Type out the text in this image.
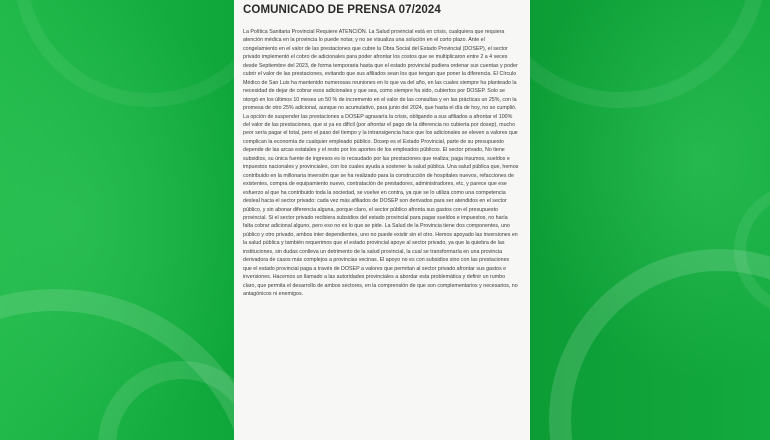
COMUNICADO DE PRENSA 07/2024

La Política Sanitaria Provincial Requiere ATENCIÓN. La Salud provincial está en crisis, cualquiera que requiera atención médica en la provincia lo puede notar, y no se visualiza una solución en el corto plazo. Ante el congelamiento en el valor de las prestaciones que cubre la Obra Social del Estado Provincial (DOSEP), el sector privado implementó el cobro de adicionales para poder afrontar los costos que se multiplicaron entre 2 a 4 veces desde Septiembre del 2023, de forma temporaria hasta que el estado provincial pudiera ordenar sus cuentas y poder cubrir el valor de las prestaciones, evitando que sus afiliados sean los que tengan que poner la diferencia. El Círculo Médico de San Luis ha mantenido numerosas reuniones en lo que va del año, en las cuales siempre ha planteado la necesidad de dejar de cobrar esos adicionales y que sea, como siempre ha sido, cubiertos por DOSEP. Solo se otorgó en los últimos 10 meses un 50 % de incremento en el valor de las consultas y en las prácticas un 25%, con la promesa de otro 25% adicional, aunque no acumulativo, para junio del 2024, que hasta el día de hoy, no se cumplió. La opción de suspender las prestaciones a DOSEP agravaría la crisis, obligando a sus afiliados a afrontar el 100% del valor de las prestaciones, que si ya es difícil (por afrontar el pago de la diferencia no cubierta por dosep), mucho peor sería pagar el total, pero el paso del tiempo y la intransigencia hace que los adicionales se eleven a valores que complican la economía de cualquier empleado público. Dosep es el Estado Provincial, parte de su presupuesto depende de las arcas estatales y el resto por los aportes de los empleados públicos. El sector privado, No tiene subsidios, su única fuente de ingresos es lo recaudado por las prestaciones que realiza; paga insumos, sueldos e impuestos nacionales y provinciales, con los cuales ayuda a sostener la salud pública. Una salud pública que, hemos contribuido en la millonaria inversión que se ha realizado para la construcción de hospitales nuevos, refacciones de existentes, compra de equipamiento nuevo, contratación de prestadores, administradores, etc, y parece que ese esfuerzo al que ha contribuido toda la sociedad, se vuelve en contra, ya que se lo utiliza como una competencia desleal hacia el sector privado: cada vez más afiliados de DOSEP son derivados para ser atendidos en el sector público, y sin abonar diferencia alguna, porque claro, el sector público afronta sus gastos con el presupuesto provincial. Si el sector privado recibiera subsidios del estado provincial para pagar sueldos e impuestos, no haría falta cobrar adicional alguno, pero eso no es lo que se pide. La Salud de la Provincia tiene dos componentes, uno público y otro privado, ambos inter dependientes, uno no puede existir sin el otro. Hemos apoyado las inversiones en la salud pública y también requerimos que el estado provincial apoye al sector privado, ya que la quiebra de las instituciones, sin dudas conlleva un detrimento de la salud provincial, la cual se transformaría en una provincia derivadora de casos más complejos a provincias vecinas. El apoyo no es con subsidios sino con las prestaciones que el estado provincial paga a través de DOSEP a valores que permitan al sector privado afrontar sus gastos e inversiones. Hacemos un llamado a las autoridades provinciales a abordar esta problemática y definir un rumbo claro, que permita el desarrollo de ambos sectores, en la comprensión de que son complementarios y necesarios, no antagónicos ni enemigos.
